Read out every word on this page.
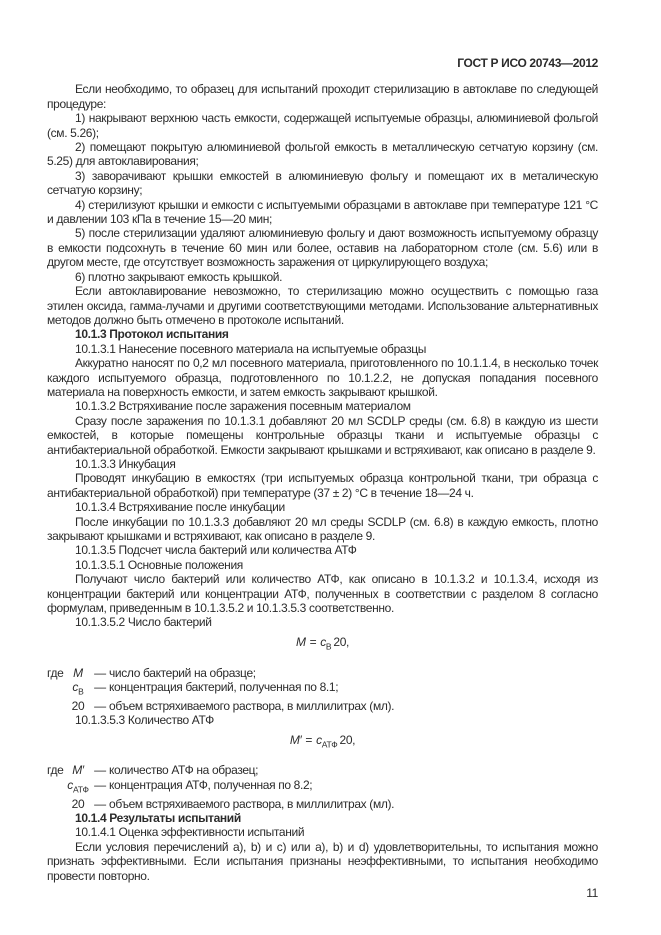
ГОСТ Р ИСО 20743—2012

Если необходимо, то образец для испытаний проходит стерилизацию в автоклаве по следующей процедуре:

1) накрывают верхнюю часть емкости, содержащей испытуемые образцы, алюминиевой фольгой (см. 5.26);

2) помещают покрытую алюминиевой фольгой емкость в металлическую сетчатую корзину (см. 5.25) для автоклавирования;

3) заворачивают крышки емкостей в алюминиевую фольгу и помещают их в металическую сетчатую корзину;

4) стерилизуют крышки и емкости с испытуемыми образцами в автоклаве при температуре 121 °С и давлении 103 кПа в течение 15—20 мин;

5) после стерилизации удаляют алюминиевую фольгу и дают возможность испытуемому образцу в емкости подсохнуть в течение 60 мин или более, оставив на лабораторном столе (см. 5.6) или в другом месте, где отсутствует возможность заражения от циркулирующего воздуха;

6) плотно закрывают емкость крышкой.

Если автоклавирование невозможно, то стерилизацию можно осуществить с помощью газа этилен оксида, гамма-лучами и другими соответствующими методами. Использование альтернативных методов должно быть отмечено в протоколе испытаний.

10.1.3 Протокол испытания

10.1.3.1 Нанесение посевного материала на испытуемые образцы

Аккуратно наносят по 0,2 мл посевного материала, приготовленного по 10.1.1.4, в несколько точек каждого испытуемого образца, подготовленного по 10.1.2.2, не допуская попадания посевного материала на поверхность емкости, и затем емкость закрывают крышкой.

10.1.3.2 Встряхивание после заражения посевным материалом

Сразу после заражения по 10.1.3.1 добавляют 20 мл SCDLP среды (см. 6.8) в каждую из шести емкостей, в которые помещены контрольные образцы ткани и испытуемые образцы с антибактериальной обработкой. Емкости закрывают крышками и встряхивают, как описано в разделе 9.

10.1.3.3 Инкубация

Проводят инкубацию в емкостях (три испытуемых образца контрольной ткани, три образца с антибактериальной обработкой) при температуре (37 ± 2) °С в течение 18—24 ч.

10.1.3.4 Встряхивание после инкубации

После инкубации по 10.1.3.3 добавляют 20 мл среды SCDLP (см. 6.8) в каждую емкость, плотно закрывают крышками и встряхивают, как описано в разделе 9.

10.1.3.5 Подсчет числа бактерий или количества АТФ

10.1.3.5.1 Основные положения

Получают число бактерий или количество АТФ, как описано в 10.1.3.2 и 10.1.3.4, исходя из концентрации бактерий или концентрации АТФ, полученных в соответствии с разделом 8 согласно формулам, приведенным в 10.1.3.5.2 и 10.1.3.5.3 соответственно.

10.1.3.5.2 Число бактерий

$M = c_В$ 20,
где M — число бактерий на образце;
$c_В$ — концентрация бактерий, полученная по 8.1;
20 — объем встряхиваемого раствора, в миллилитрах (мл).

10.1.3.5.3 Количество АТФ

$M' = c_{АТФ}$ 20,
где M′ — количество АТФ на образец;
$c_{АТФ}$ — концентрация АТФ, полученная по 8.2;
20 — объем встряхиваемого раствора, в миллилитрах (мл).

10.1.4 Результаты испытаний

10.1.4.1 Оценка эффективности испытаний

Если условия перечислений a), b) и c) или a), b) и d) удовлетворительны, то испытания можно признать эффективными. Если испытания признаны неэффективными, то испытания необходимо провести повторно.

11
